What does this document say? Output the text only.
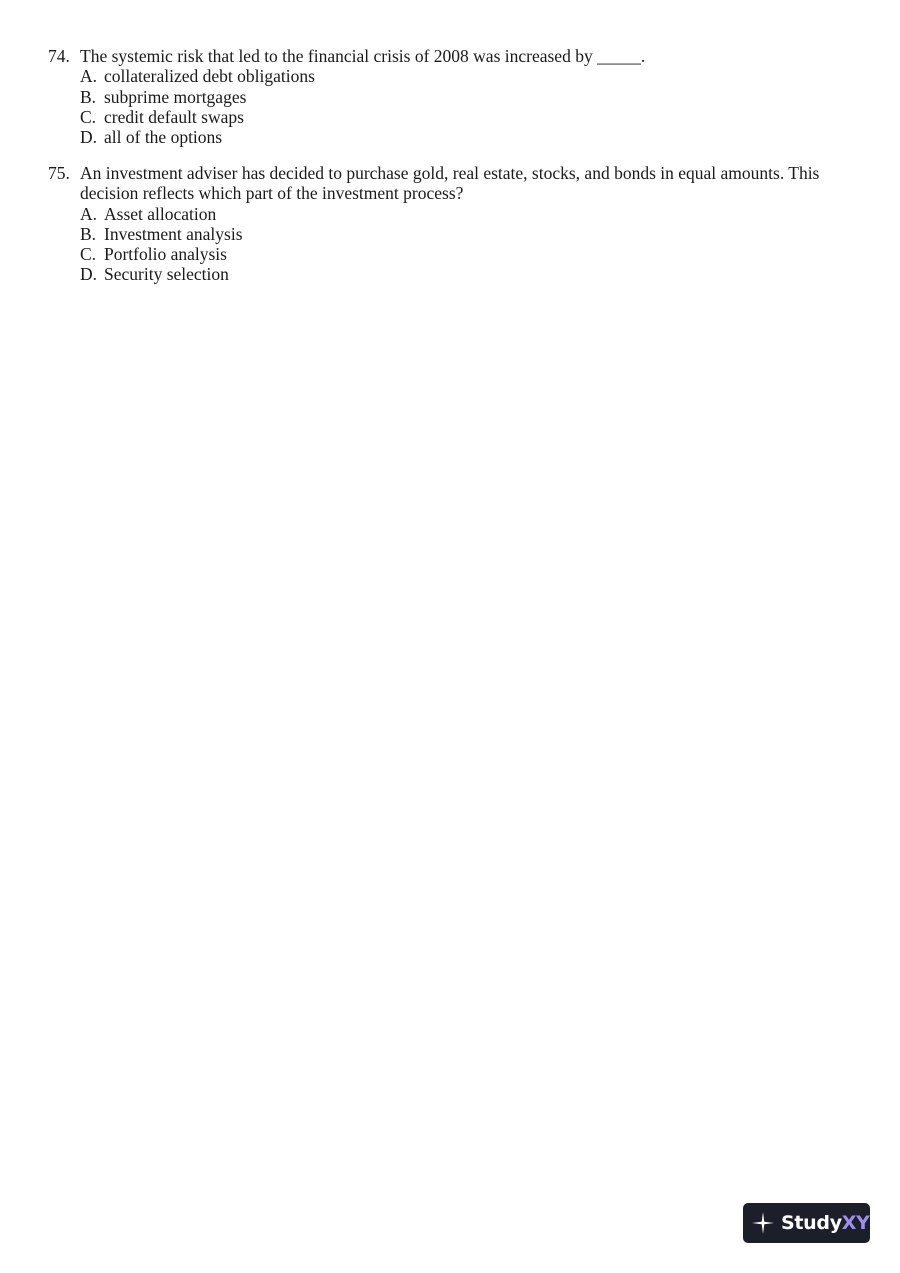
74. The systemic risk that led to the financial crisis of 2008 was increased by _____.
A. collateralized debt obligations
B. subprime mortgages
C. credit default swaps
D. all of the options
75. An investment adviser has decided to purchase gold, real estate, stocks, and bonds in equal amounts. This decision reflects which part of the investment process?
A. Asset allocation
B. Investment analysis
C. Portfolio analysis
D. Security selection
StudyXY
